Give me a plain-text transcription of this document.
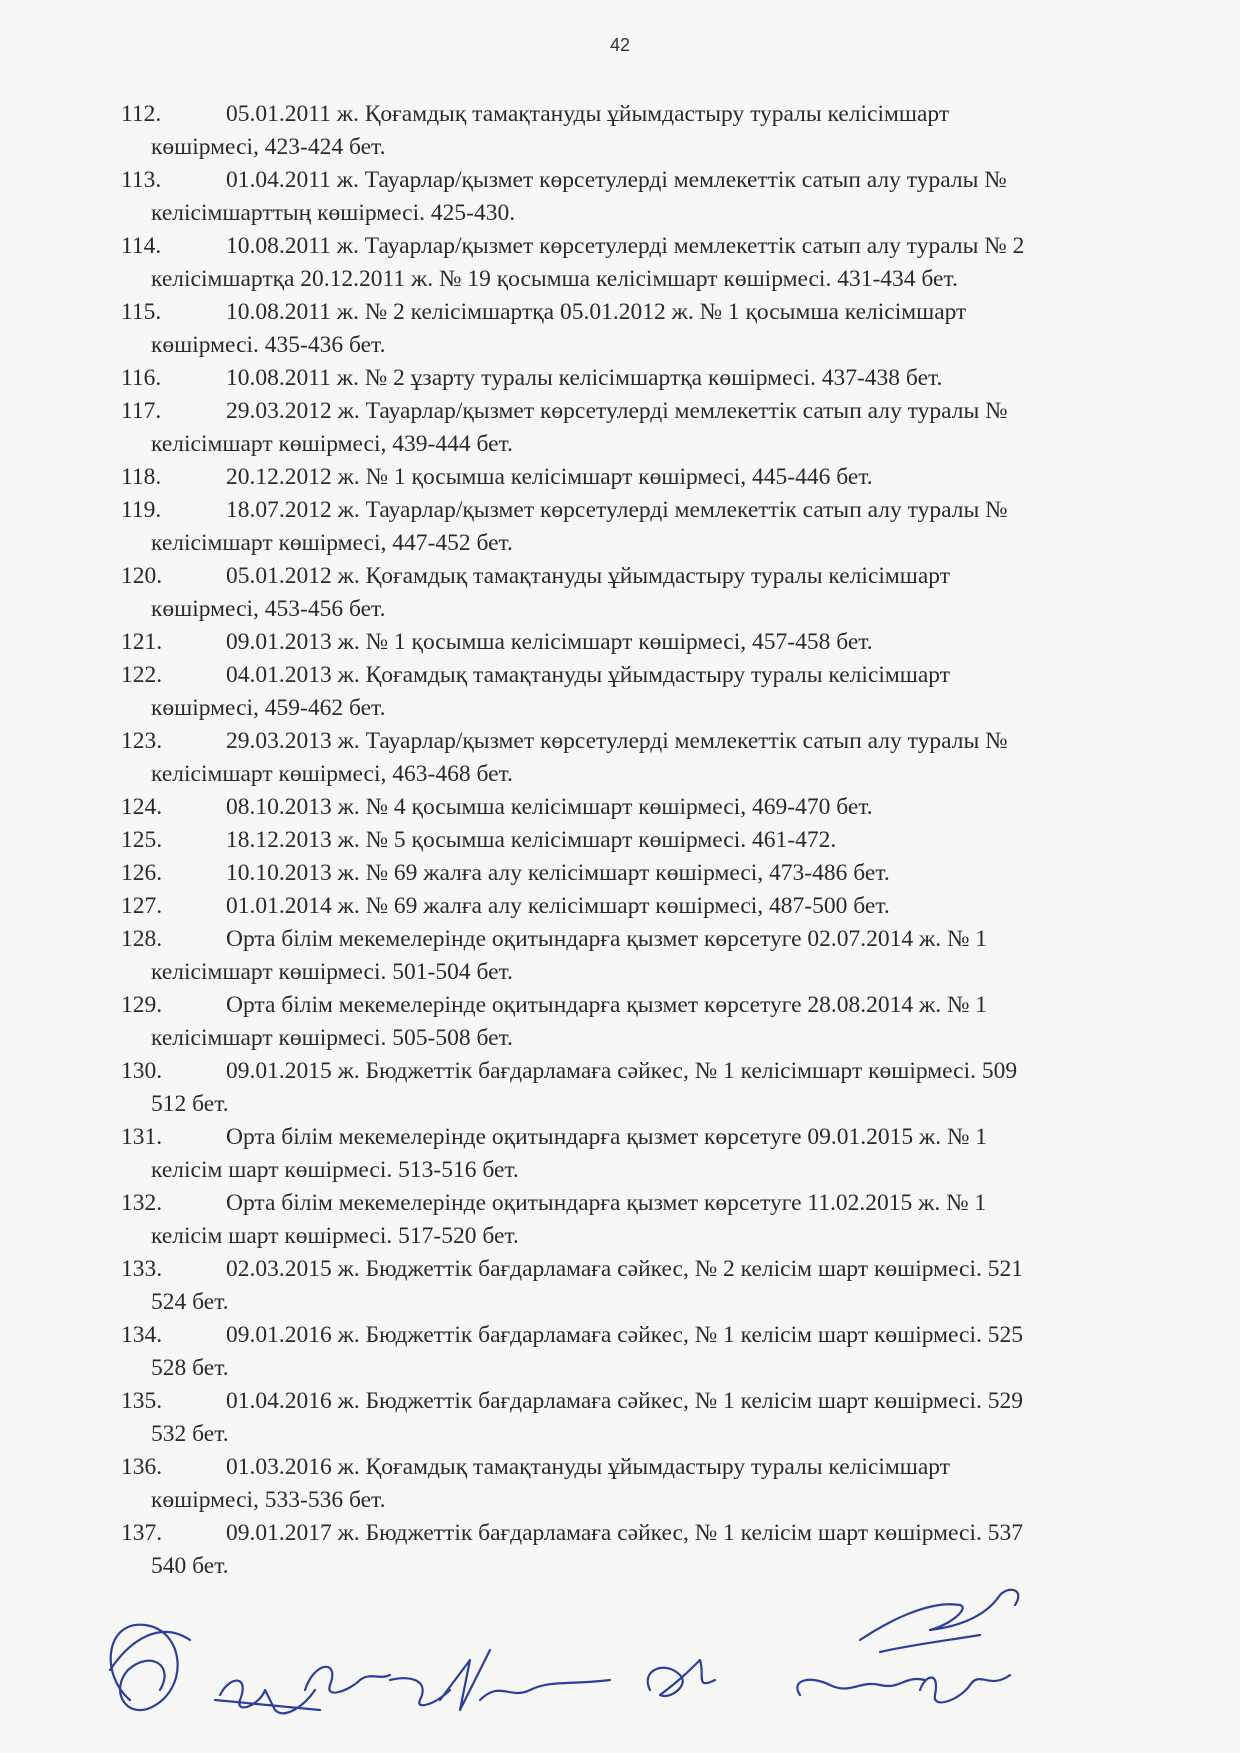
42
112.	05.01.2011 ж. Қоғамдық тамақтануды ұйымдастыру туралы келісімшарт
көшірмесі, 423-424 бет.
113.	01.04.2011 ж. Тауарлар/қызмет көрсетулерді мемлекеттік сатып алу туралы №
келісімшарттың көшірмесі. 425-430.
114.	10.08.2011 ж. Тауарлар/қызмет көрсетулерді мемлекеттік сатып алу туралы № 2
келісімшартқа 20.12.2011 ж. № 19 қосымша келісімшарт көшірмесі. 431-434 бет.
115.	10.08.2011 ж. № 2 келісімшартқа 05.01.2012 ж. № 1 қосымша келісімшарт
көшірмесі. 435-436 бет.
116.	10.08.2011 ж. № 2 ұзарту туралы келісімшартқа көшірмесі. 437-438 бет.
117.	29.03.2012 ж. Тауарлар/қызмет көрсетулерді мемлекеттік сатып алу туралы №
келісімшарт көшірмесі, 439-444 бет.
118.	20.12.2012 ж. № 1 қосымша келісімшарт көшірмесі, 445-446 бет.
119.	18.07.2012 ж. Тауарлар/қызмет көрсетулерді мемлекеттік сатып алу туралы №
келісімшарт көшірмесі, 447-452 бет.
120.	05.01.2012 ж. Қоғамдық тамақтануды ұйымдастыру туралы келісімшарт
көшірмесі, 453-456 бет.
121.	09.01.2013 ж. № 1 қосымша келісімшарт көшірмесі, 457-458 бет.
122.	04.01.2013 ж. Қоғамдық тамақтануды ұйымдастыру туралы келісімшарт
көшірмесі, 459-462 бет.
123.	29.03.2013 ж. Тауарлар/қызмет көрсетулерді мемлекеттік сатып алу туралы №
келісімшарт көшірмесі, 463-468 бет.
124.	08.10.2013 ж. № 4 қосымша келісімшарт көшірмесі, 469-470 бет.
125.	18.12.2013 ж. № 5 қосымша келісімшарт көшірмесі. 461-472.
126.	10.10.2013 ж. № 69 жалға алу келісімшарт көшірмесі, 473-486 бет.
127.	01.01.2014 ж. № 69 жалға алу келісімшарт көшірмесі, 487-500 бет.
128.	Орта білім мекемелерінде оқитындарға қызмет көрсетуге 02.07.2014 ж. № 1
келісімшарт көшірмесі. 501-504 бет.
129.	Орта білім мекемелерінде оқитындарға қызмет көрсетуге 28.08.2014 ж. № 1
келісімшарт көшірмесі. 505-508 бет.
130.	09.01.2015 ж. Бюджеттік бағдарламаға сәйкес, № 1 келісімшарт көшірмесі. 509
512 бет.
131.	Орта білім мекемелерінде оқитындарға қызмет көрсетуге 09.01.2015 ж. № 1
келісім шарт көшірмесі. 513-516 бет.
132.	Орта білім мекемелерінде оқитындарға қызмет көрсетуге 11.02.2015 ж. № 1
келісім шарт көшірмесі. 517-520 бет.
133.	02.03.2015 ж. Бюджеттік бағдарламаға сәйкес, № 2 келісім шарт көшірмесі. 521
524 бет.
134.	09.01.2016 ж. Бюджеттік бағдарламаға сәйкес, № 1 келісім шарт көшірмесі. 525
528 бет.
135.	01.04.2016 ж. Бюджеттік бағдарламаға сәйкес, № 1 келісім шарт көшірмесі. 529
532 бет.
136.	01.03.2016 ж. Қоғамдық тамақтануды ұйымдастыру туралы келісімшарт
көшірмесі, 533-536 бет.
137.	09.01.2017 ж. Бюджеттік бағдарламаға сәйкес, № 1 келісім шарт көшірмесі. 537
540 бет.
